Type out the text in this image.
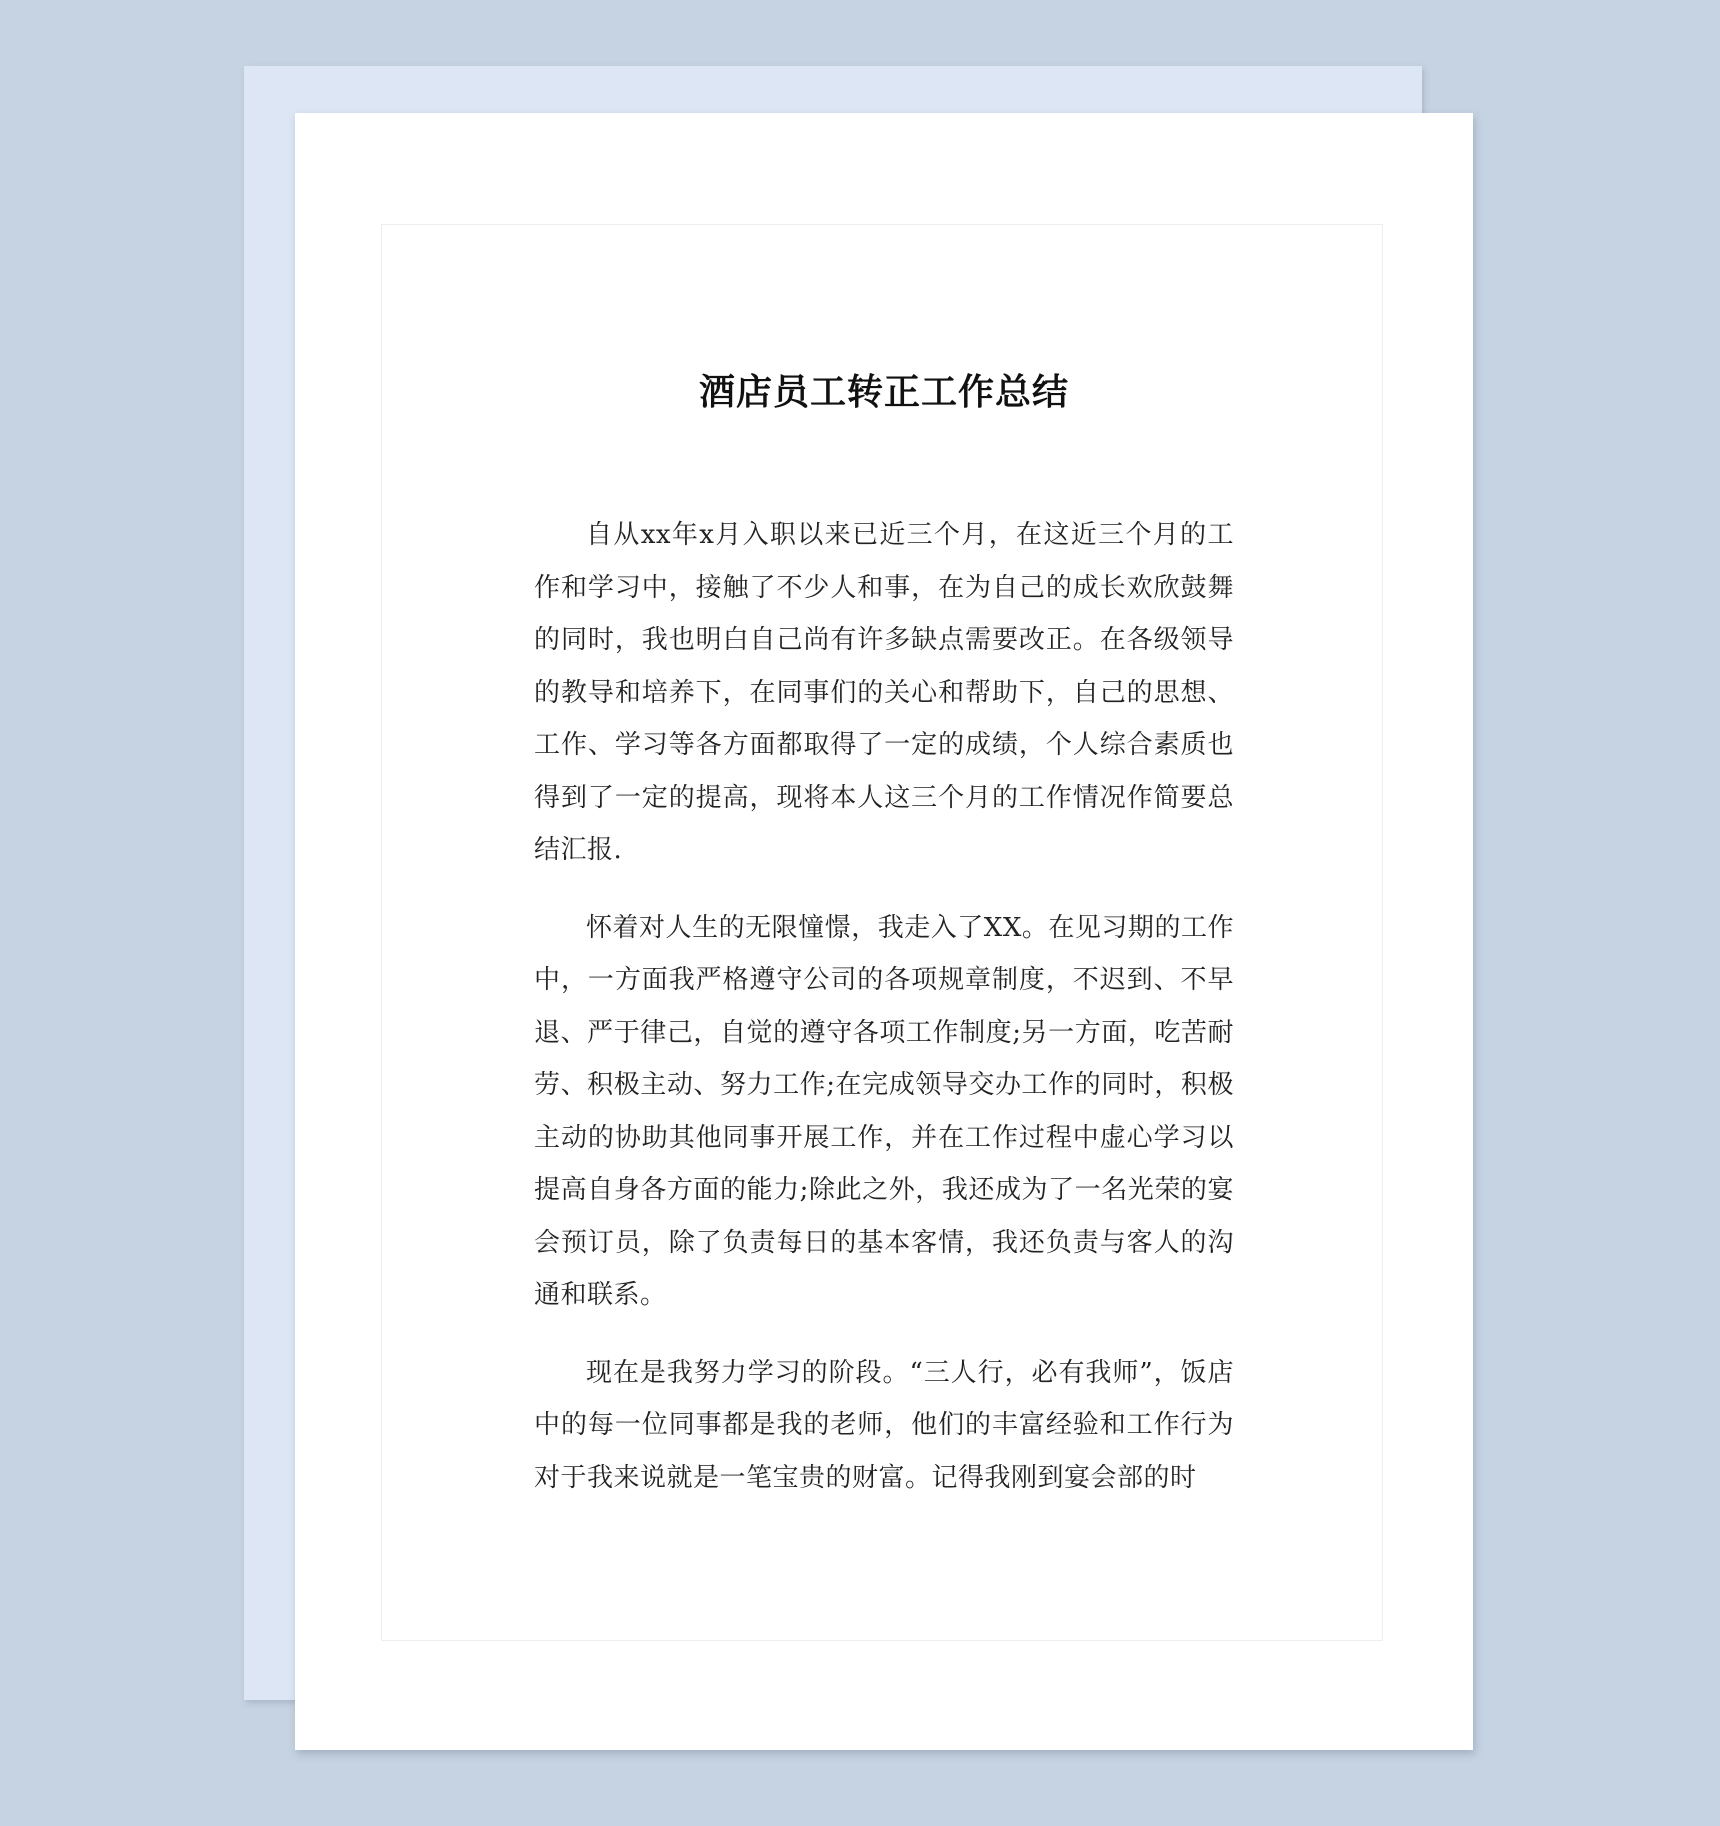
酒店员工转正工作总结

自从xx年x月入职以来已近三个月，在这近三个月的工作和学习中，接触了不少人和事，在为自己的成长欢欣鼓舞的同时，我也明白自己尚有许多缺点需要改正。在各级领导的教导和培养下，在同事们的关心和帮助下，自己的思想、工作、学习等各方面都取得了一定的成绩，个人综合素质也得到了一定的提高，现将本人这三个月的工作情况作简要总结汇报.

怀着对人生的无限憧憬，我走入了XX。在见习期的工作中，一方面我严格遵守公司的各项规章制度，不迟到、不早退、严于律己，自觉的遵守各项工作制度;另一方面，吃苦耐劳、积极主动、努力工作;在完成领导交办工作的同时，积极主动的协助其他同事开展工作，并在工作过程中虚心学习以提高自身各方面的能力;除此之外，我还成为了一名光荣的宴会预订员，除了负责每日的基本客情，我还负责与客人的沟通和联系。

现在是我努力学习的阶段。“三人行，必有我师”，饭店中的每一位同事都是我的老师，他们的丰富经验和工作行为对于我来说就是一笔宝贵的财富。记得我刚到宴会部的时
